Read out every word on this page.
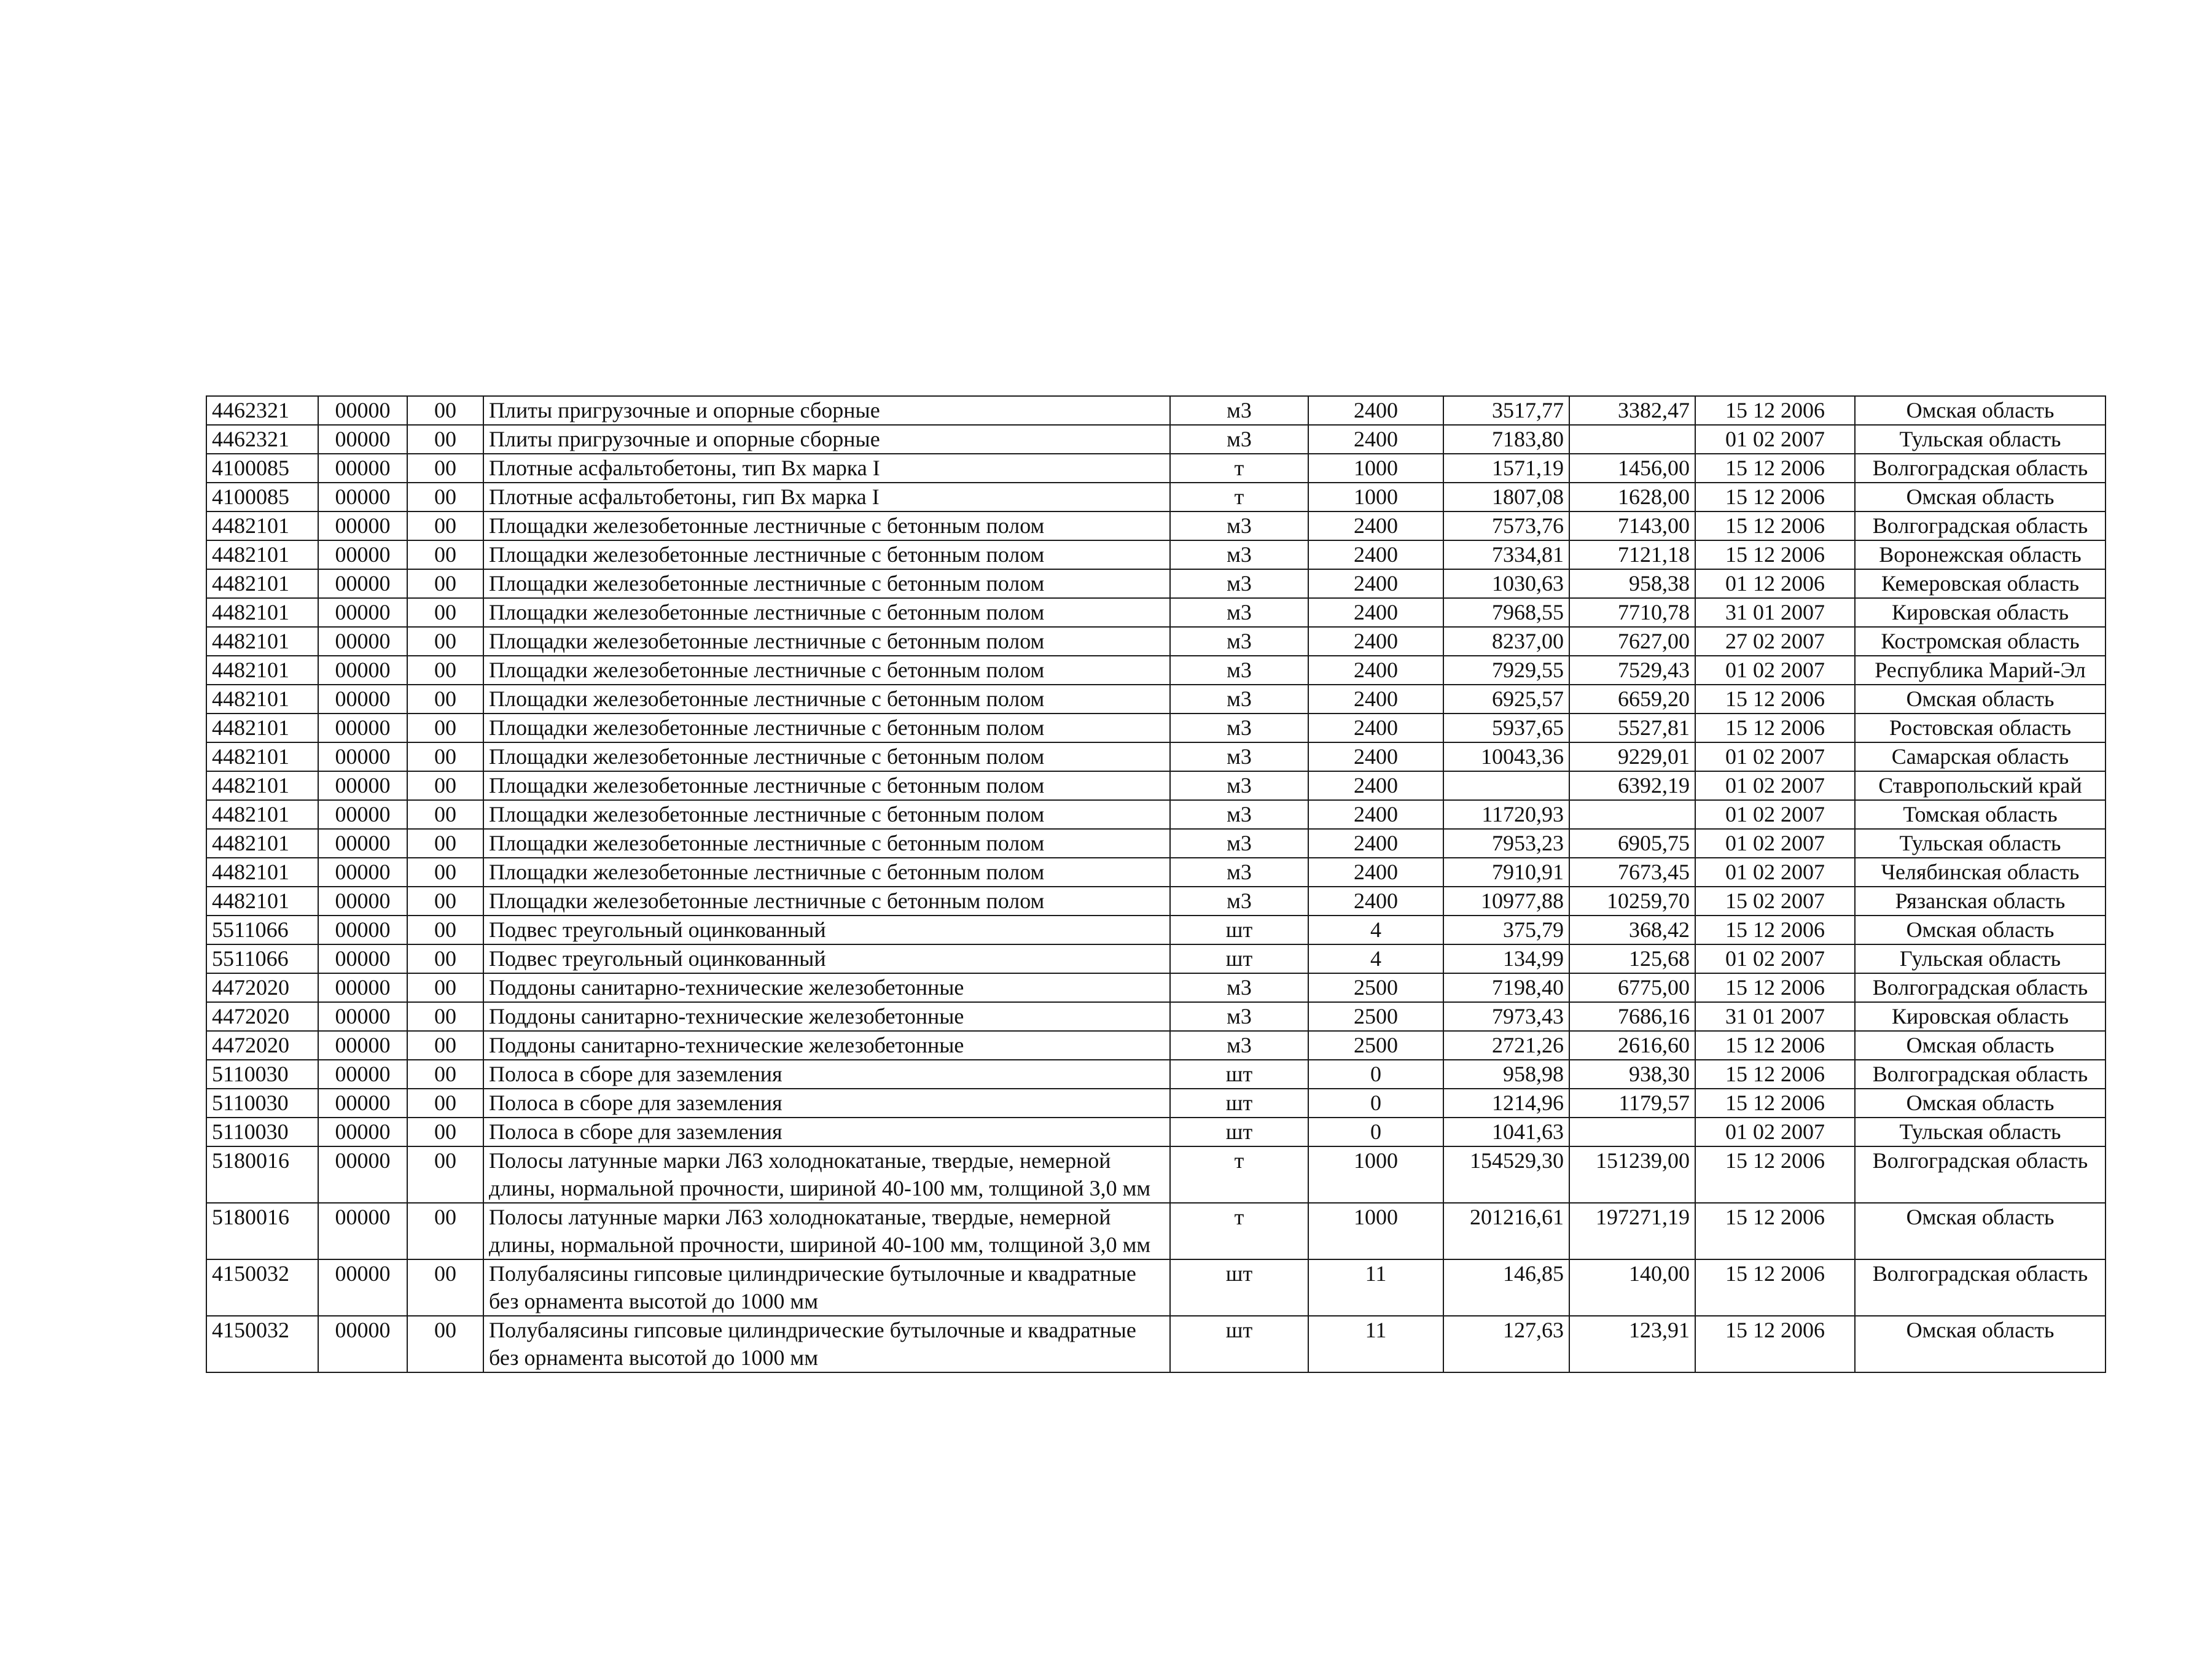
4462321	00000	00	Плиты пригрузочные и опорные сборные	м3	2400	3517,77	3382,47	15 12 2006	Омская область
4462321	00000	00	Плиты пригрузочные и опорные сборные	м3	2400	7183,80		01 02 2007	Тульская область
4100085	00000	00	Плотные асфальтобетоны, тип Вх марка I	т	1000	1571,19	1456,00	15 12 2006	Волгоградская область
4100085	00000	00	Плотные асфальтобетоны, гип Вх марка I	т	1000	1807,08	1628,00	15 12 2006	Омская область
4482101	00000	00	Площадки железобетонные лестничные с бетонным полом	м3	2400	7573,76	7143,00	15 12 2006	Волгоградская область
4482101	00000	00	Площадки железобетонные лестничные с бетонным полом	м3	2400	7334,81	7121,18	15 12 2006	Воронежская область
4482101	00000	00	Площадки железобетонные лестничные с бетонным полом	м3	2400	1030,63	958,38	01 12 2006	Кемеровская область
4482101	00000	00	Площадки железобетонные лестничные с бетонным полом	м3	2400	7968,55	7710,78	31 01 2007	Кировская область
4482101	00000	00	Площадки железобетонные лестничные с бетонным полом	м3	2400	8237,00	7627,00	27 02 2007	Костромская область
4482101	00000	00	Площадки железобетонные лестничные с бетонным полом	м3	2400	7929,55	7529,43	01 02 2007	Республика Марий-Эл
4482101	00000	00	Площадки железобетонные лестничные с бетонным полом	м3	2400	6925,57	6659,20	15 12 2006	Омская область
4482101	00000	00	Площадки железобетонные лестничные с бетонным полом	м3	2400	5937,65	5527,81	15 12 2006	Ростовская область
4482101	00000	00	Площадки железобетонные лестничные с бетонным полом	м3	2400	10043,36	9229,01	01 02 2007	Самарская область
4482101	00000	00	Площадки железобетонные лестничные с бетонным полом	м3	2400		6392,19	01 02 2007	Ставропольский край
4482101	00000	00	Площадки железобетонные лестничные с бетонным полом	м3	2400	11720,93		01 02 2007	Томская область
4482101	00000	00	Площадки железобетонные лестничные с бетонным полом	м3	2400	7953,23	6905,75	01 02 2007	Тульская область
4482101	00000	00	Площадки железобетонные лестничные с бетонным полом	м3	2400	7910,91	7673,45	01 02 2007	Челябинская область
4482101	00000	00	Площадки железобетонные лестничные с бетонным полом	м3	2400	10977,88	10259,70	15 02 2007	Рязанская область
5511066	00000	00	Подвес треугольный оцинкованный	шт	4	375,79	368,42	15 12 2006	Омская область
5511066	00000	00	Подвес треугольный оцинкованный	шт	4	134,99	125,68	01 02 2007	Гульская область
4472020	00000	00	Поддоны санитарно-технические железобетонные	м3	2500	7198,40	6775,00	15 12 2006	Волгоградская область
4472020	00000	00	Поддоны санитарно-технические железобетонные	м3	2500	7973,43	7686,16	31 01 2007	Кировская область
4472020	00000	00	Поддоны санитарно-технические железобетонные	м3	2500	2721,26	2616,60	15 12 2006	Омская область
5110030	00000	00	Полоса в сборе для заземления	шт	0	958,98	938,30	15 12 2006	Волгоградская область
5110030	00000	00	Полоса в сборе для заземления	шт	0	1214,96	1179,57	15 12 2006	Омская область
5110030	00000	00	Полоса в сборе для заземления	шт	0	1041,63		01 02 2007	Тульская область
5180016	00000	00	Полосы латунные марки Л63 холоднокатаные, твердые, немерной длины, нормальной прочности, шириной 40-100 мм, толщиной 3,0 мм	т	1000	154529,30	151239,00	15 12 2006	Волгоградская область
5180016	00000	00	Полосы латунные марки Л63 холоднокатаные, твердые, немерной длины, нормальной прочности, шириной 40-100 мм, толщиной 3,0 мм	т	1000	201216,61	197271,19	15 12 2006	Омская область
4150032	00000	00	Полубалясины гипсовые цилиндрические бутылочные и квадратные без орнамента высотой до 1000 мм	шт	11	146,85	140,00	15 12 2006	Волгоградская область
4150032	00000	00	Полубалясины гипсовые цилиндрические бутылочные и квадратные без орнамента высотой до 1000 мм	шт	11	127,63	123,91	15 12 2006	Омская область
